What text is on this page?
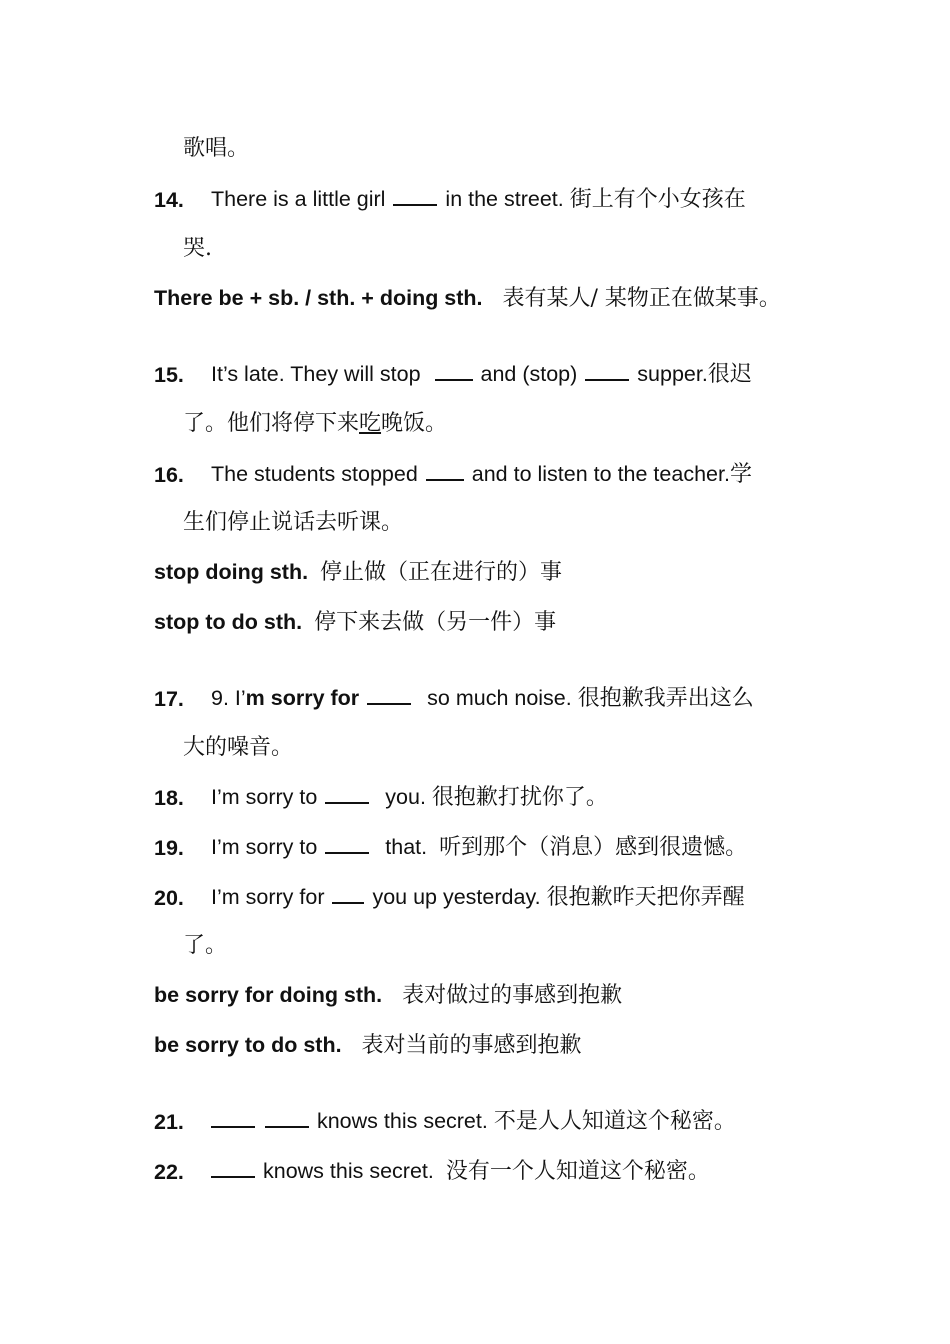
歌唱。
14. There is a little girl	in the street. 街上有个小女孩在
哭.
There be + sb. / sth. + doing sth. 表有某人/ 某物正在做某事。
15. It’s late. They will stop	and (stop)	supper.很迟
了。他们将停下来吃晚饭。
16. The students stopped	and to listen to the teacher.学
生们停止说话去听课。
stop doing sth. 停止做（正在进行的）事
stop to do sth. 停下来去做（另一件）事
17. 9. I’m sorry for	so much noise. 很抱歉我弄出这么
大的噪音。
18. I’m sorry to	you. 很抱歉打扰你了。
19. I’m sorry to	that. 听到那个（消息）感到很遗憾。
20. I’m sorry for you up yesterday. 很抱歉昨天把你弄醒
了。
be sorry for doing sth. 表对做过的事感到抱歉
be sorry to do sth. 表对当前的事感到抱歉
21.	knows this secret. 不是人人知道这个秘密。
22.	knows this secret. 没有一个人知道这个秘密。
